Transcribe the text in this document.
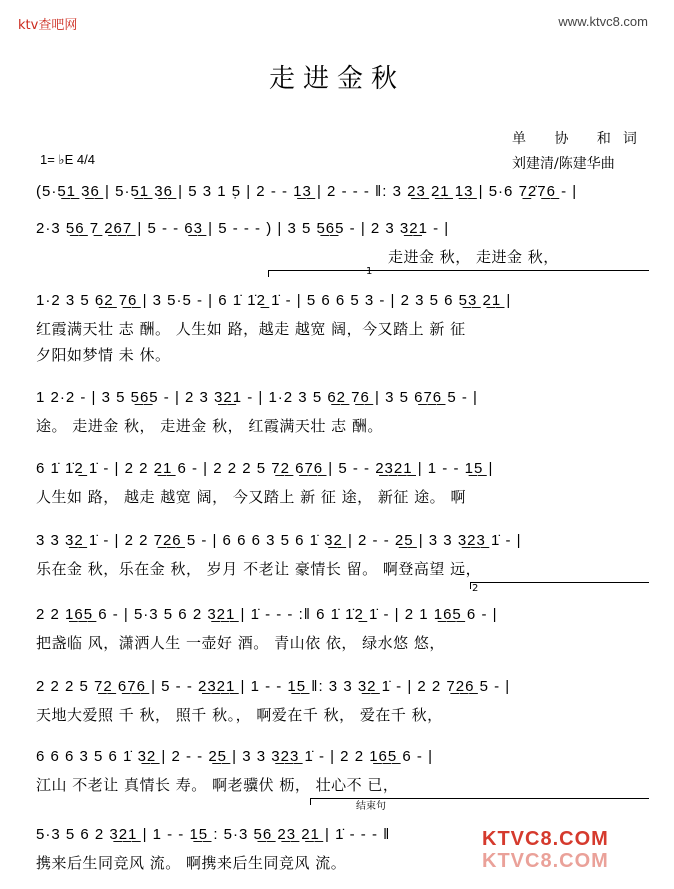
ktv查吧网	www.ktvc8.com
走进金秋
单 协 和词
刘建清/陈建华曲
1= ♭E 4/4
(5·5̲1̲ 3̲6̲ | 5·5̲1̲ 3̲6̲ | 5 3 1 5̣ | 2 - - 1̲3̲ | 2 - - - ‖: 3 2̲3̲ 2̲1̲ 1̲3̲ | 5·6 7̲2̇7̲6̲ - |
2·3 5̲6̲ 7̲ 2̲6̲7̲ | 5 - - 6̲3̲ | 5 - - - ) | 3 5 5̲6̲5 - | 2 3 3̲2̲1 - |
走进金 秋， 走进金 秋，
1
1·2 3 5 6̲2̲ 7̲6̲ | 3 5·5 - | 6 1̇ 1̇2̲ 1̇ - | 5 6 6 5 3 - | 2 3 5 6 5̲3̲ 2̲1̲ |
红霞满天壮 志 酬。 人生如 路，越走 越宽 阔，今又踏上 新 征
夕阳如梦情 未 休。
1 2·2 - | 3 5 5̲6̲5 - | 2 3 3̲2̲1 - | 1·2 3 5 6̲2̲ 7̲6̲ | 3 5 6̲7̲6̲ 5 - |
途。 走进金 秋， 走进金 秋， 红霞满天壮 志 酬。
6 1̇ 1̇2̲ 1̇ - | 2 2 2̲1̲ 6 - | 2 2 2 5 7̲2̲ 6̲7̲6̲ | 5 - - 2̲3̲2̲1̲ | 1 - - 1̲5̲ |
人生如 路， 越走 越宽 阔， 今又踏上 新 征 途， 新征 途。 啊
3 3 3̲2̲ 1̇ - | 2 2 7̲2̲6̲ 5 - | 6 6 6 3 5 6 1̇ 3̲2̲ | 2 - - 2̲5̲ | 3 3 3̲2̲3̲ 1̇ - |
乐在金 秋，乐在金 秋， 岁月 不老让 豪情长 留。 啊登高望 远，
2
2 2 1̲6̲5̲ 6 - | 5·3 5 6 2 3̲2̲1̲ | 1̇ - - - :‖ 6 1̇ 1̇2̲ 1̇ - | 2 1 1̲6̲5̲ 6 - |
把盏临 风，潇洒人生 一壶好 酒。 青山依 依， 绿水悠 悠，
2 2 2 5 7̲2̲ 6̲7̲6̲ | 5 - - 2̲3̲2̲1̲ | 1 - - 1̲5̲ ‖: 3 3 3̲2̲ 1̇ - | 2 2 7̲2̲6̲ 5 - |
天地大爱照 千 秋， 照千 秋。， 啊爱在千 秋， 爱在千 秋，
6 6 6 3 5 6 1̇ 3̲2̲ | 2 - - 2̲5̲ | 3 3 3̲2̲3̲ 1̇ - | 2 2 1̲6̲5̲ 6 - |
江山 不老让 真情长 寿。 啊老骥伏 枥， 壮心不 已，
结束句
5·3 5 6 2 3̲2̲1̲ | 1 - - 1̲5̲ : 5·3 5̲6̲ 2̲3̲ 2̲1̲ | 1̇ - - - ‖
携来后生同竞风 流。 啊携来后生同竞风 流。
KTVC8.COM
KTVC8.COM
